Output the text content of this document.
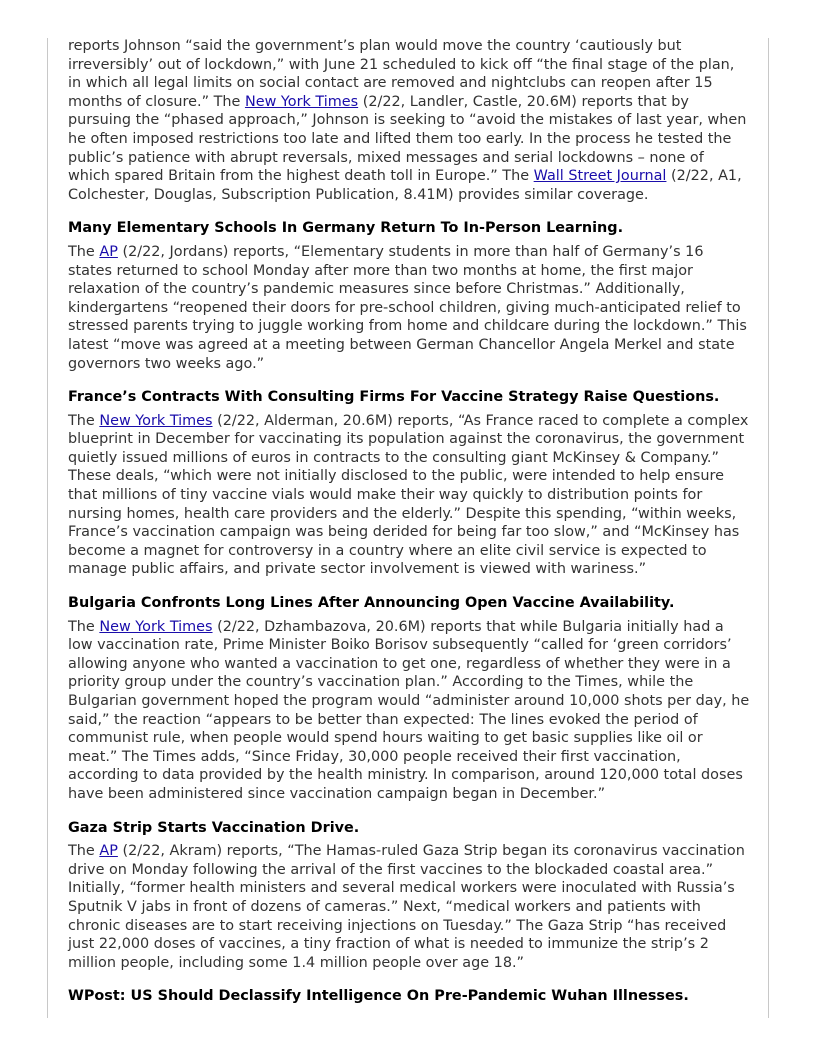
reports Johnson “said the government’s plan would move the country ‘cautiously but irreversibly’ out of lockdown,” with June 21 scheduled to kick off “the final stage of the plan, in which all legal limits on social contact are removed and nightclubs can reopen after 15 months of closure.” The New York Times (2/22, Landler, Castle, 20.6M) reports that by pursuing the “phased approach,” Johnson is seeking to “avoid the mistakes of last year, when he often imposed restrictions too late and lifted them too early. In the process he tested the public’s patience with abrupt reversals, mixed messages and serial lockdowns – none of which spared Britain from the highest death toll in Europe.” The Wall Street Journal (2/22, A1, Colchester, Douglas, Subscription Publication, 8.41M) provides similar coverage.

Many Elementary Schools In Germany Return To In-Person Learning.

The AP (2/22, Jordans) reports, “Elementary students in more than half of Germany’s 16 states returned to school Monday after more than two months at home, the first major relaxation of the country’s pandemic measures since before Christmas.” Additionally, kindergartens “reopened their doors for pre-school children, giving much-anticipated relief to stressed parents trying to juggle working from home and childcare during the lockdown.” This latest “move was agreed at a meeting between German Chancellor Angela Merkel and state governors two weeks ago.”

France’s Contracts With Consulting Firms For Vaccine Strategy Raise Questions.

The New York Times (2/22, Alderman, 20.6M) reports, “As France raced to complete a complex blueprint in December for vaccinating its population against the coronavirus, the government quietly issued millions of euros in contracts to the consulting giant McKinsey & Company.” These deals, “which were not initially disclosed to the public, were intended to help ensure that millions of tiny vaccine vials would make their way quickly to distribution points for nursing homes, health care providers and the elderly.” Despite this spending, “within weeks, France’s vaccination campaign was being derided for being far too slow,” and “McKinsey has become a magnet for controversy in a country where an elite civil service is expected to manage public affairs, and private sector involvement is viewed with wariness.”

Bulgaria Confronts Long Lines After Announcing Open Vaccine Availability.

The New York Times (2/22, Dzhambazova, 20.6M) reports that while Bulgaria initially had a low vaccination rate, Prime Minister Boiko Borisov subsequently “called for ‘green corridors’ allowing anyone who wanted a vaccination to get one, regardless of whether they were in a priority group under the country’s vaccination plan.” According to the Times, while the Bulgarian government hoped the program would “administer around 10,000 shots per day, he said,” the reaction “appears to be better than expected: The lines evoked the period of communist rule, when people would spend hours waiting to get basic supplies like oil or meat.” The Times adds, “Since Friday, 30,000 people received their first vaccination, according to data provided by the health ministry. In comparison, around 120,000 total doses have been administered since vaccination campaign began in December.”

Gaza Strip Starts Vaccination Drive.

The AP (2/22, Akram) reports, “The Hamas-ruled Gaza Strip began its coronavirus vaccination drive on Monday following the arrival of the first vaccines to the blockaded coastal area.” Initially, “former health ministers and several medical workers were inoculated with Russia’s Sputnik V jabs in front of dozens of cameras.” Next, “medical workers and patients with chronic diseases are to start receiving injections on Tuesday.” The Gaza Strip “has received just 22,000 doses of vaccines, a tiny fraction of what is needed to immunize the strip’s 2 million people, including some 1.4 million people over age 18.”

WPost: US Should Declassify Intelligence On Pre-Pandemic Wuhan Illnesses.
